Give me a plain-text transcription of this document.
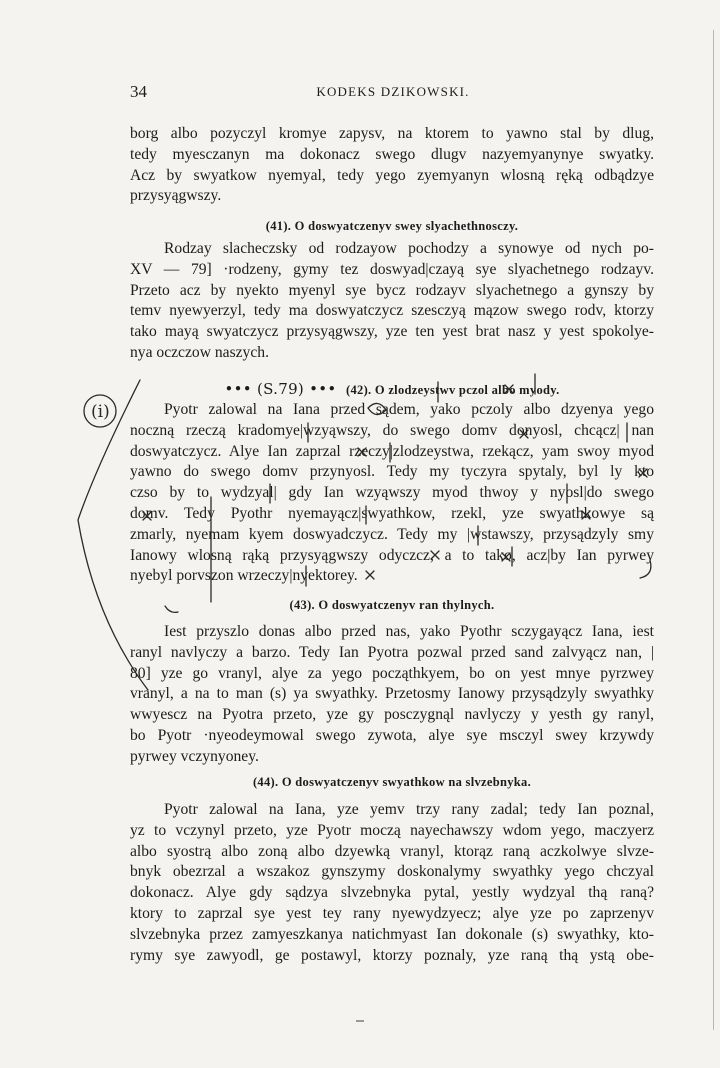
34	KODEKS DZIKOWSKI.

borg albo pozyczyl kromye zapysv, na ktorem to yawno stal by dlug,
tedy myesczanyn ma dokonacz swego dlugv nazyemyanynye swyatky.
Acz by swyatkow nyemyal, tedy yego zyemyanyn wlosną ręką odbądzye
przysyągwszy.

(41). O doswyatczenyv swey slyachethnosczy.

Rodzay slacheczsky od rodzayow pochodzy a synowye od nych po-
XV — 79] ·rodzeny, gymy tez doswyad|czayą sye slyachetnego rodzayv.
Przeto acz by nyekto myenyl sye bycz rodzayv slyachetnego a gynszy by
temv nyewyerzyl, tedy ma doswyatczycz szesczyą mązow swego rodv, ktorzy
tako mayą swyatczycz przysyągwszy, yze ten yest brat nasz y yest spokolye-
nya oczczow naszych.

••• (S.79) ••• (42). O zlodzeystwv pczol albo myody.

Pyotr zalowal na Iana przed sądem, yako pczoly albo dzyenya yego
noczną rzeczą kradomye|wzyąwszy, do swego domv donyosl, chcącz| nan
doswyatczycz. Alye Ian zaprzal rzeczy|zlodzeystwa, rzekącz, yam swoy myod
yawno do swego domv przynyosl. Tedy my tyczyra spytaly, byl ly kto
czso by to wydzyal| gdy Ian wzyąwszy myod thwoy y nyosl|do swego
domv. Tedy Pyothr nyemayącz|swyathkow, rzekl, yze swyathkowye są
zmarly, nyemam kyem doswyadczycz. Tedy my |wstawszy, przysądzyly smy
Ianowy wlosną rąką przysyągwszy odyczcz, a to tako, acz|by Ian pyrwey
nyebyl porvszon wrzeczy|nyektorey.

(43). O doswyatczenyv ran thylnych.

Iest przyszlo donas albo przed nas, yako Pyothr sczygayącz Iana, iest
ranyl navlyczy a barzo. Tedy Ian Pyotra pozwal przed sand zalvyącz nan, |
80] yze go vranyl, alye za yego począthkyem, bo on yest mnye pyrzwey
vranyl, a na to man (s) ya swyathky. Przetosmy Ianowy przysądzyly swyathky
wwyescz na Pyotra przeto, yze gy posczygnąl navlyczy y yesth gy ranyl,
bo Pyotr ·nyeodeymowal swego zywota, alye sye msczyl swey krzywdy
pyrwey vczynyoney.

(44). O doswyatczenyv swyathkow na slvzebnyka.

Pyotr zalowal na Iana, yze yemv trzy rany zadal; tedy Ian poznal,
yz to vczynyl przeto, yze Pyotr moczą nayechawszy wdom yego, maczyerz
albo syostrą albo zoną albo dzyewką vranyl, ktorąz raną aczkolwye slvze-
bnyk obezrzal a wszakoz gynszymy doskonalymy swyathky yego chczyal
dokonacz. Alye gdy sądzya slvzebnyka pytal, yestly wydzyal thą raną?
ktory to zaprzal sye yest tey rany nyewydzyecz; alye yze po zaprzenyv
slvzebnyka przez zamyeszkanya natichmyast Ian dokonale (s) swyathky, kto-
rymy sye zawyodl, ge postawyl, ktorzy poznaly, yze raną thą ystą obe-

(i)
